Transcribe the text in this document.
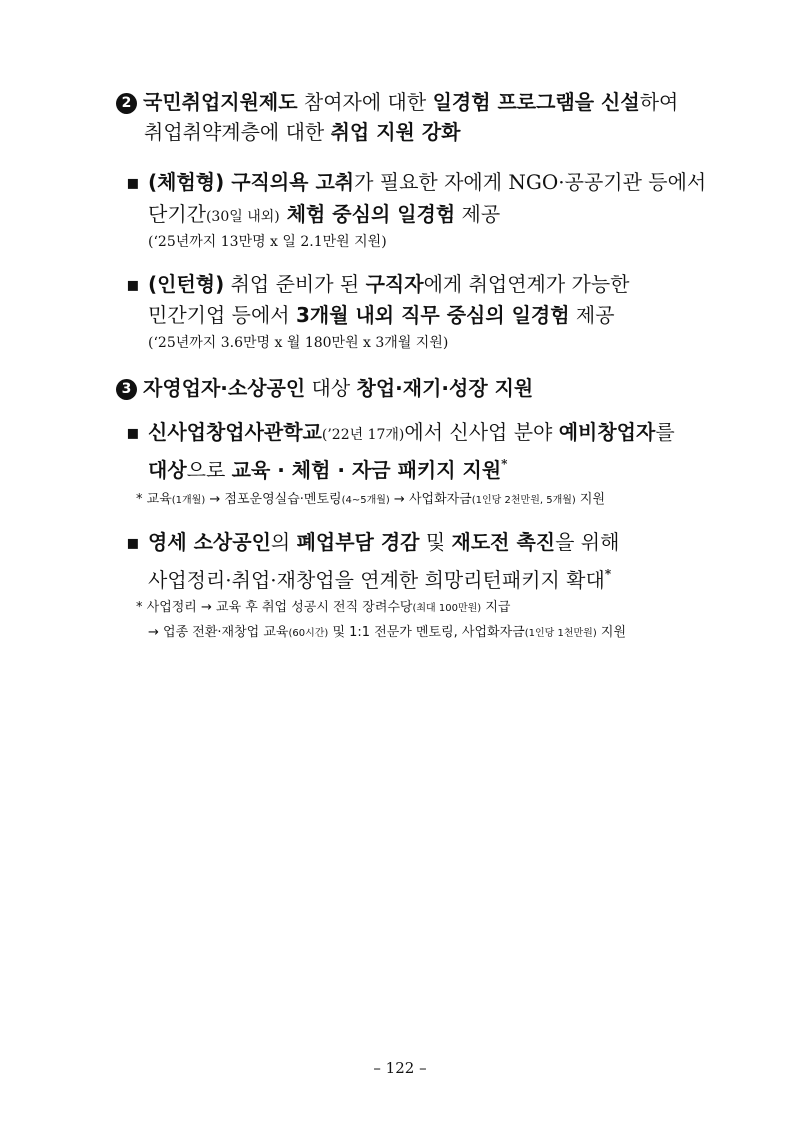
2 국민취업지원제도 참여자에 대한 일경험 프로그램을 신설하여
취업취약계층에 대한 취업 지원 강화
▪ (체험형) 구직의욕 고취가 필요한 자에게 NGO·공공기관 등에서
단기간(30일 내외) 체험 중심의 일경험 제공
(‘25년까지 13만명 x 일 2.1만원 지원)
▪ (인턴형) 취업 준비가 된 구직자에게 취업연계가 가능한
민간기업 등에서 3개월 내외 직무 중심의 일경험 제공
(‘25년까지 3.6만명 x 월 180만원 x 3개월 지원)
3 자영업자·소상공인 대상 창업·재기·성장 지원
▪ 신사업창업사관학교(’22년 17개)에서 신사업 분야 예비창업자를
대상으로 교육 · 체험 · 자금 패키지 지원*
* 교육(1개월) → 점포운영실습·멘토링(4~5개월) → 사업화자금(1인당 2천만원, 5개월) 지원
▪ 영세 소상공인의 폐업부담 경감 및 재도전 촉진을 위해
사업정리·취업·재창업을 연계한 희망리턴패키지 확대*
* 사업정리 → 교육 후 취업 성공시 전직 장려수당(최대 100만원) 지급
→ 업종 전환·재창업 교육(60시간) 및 1:1 전문가 멘토링, 사업화자금(1인당 1천만원) 지원
– 122 –
